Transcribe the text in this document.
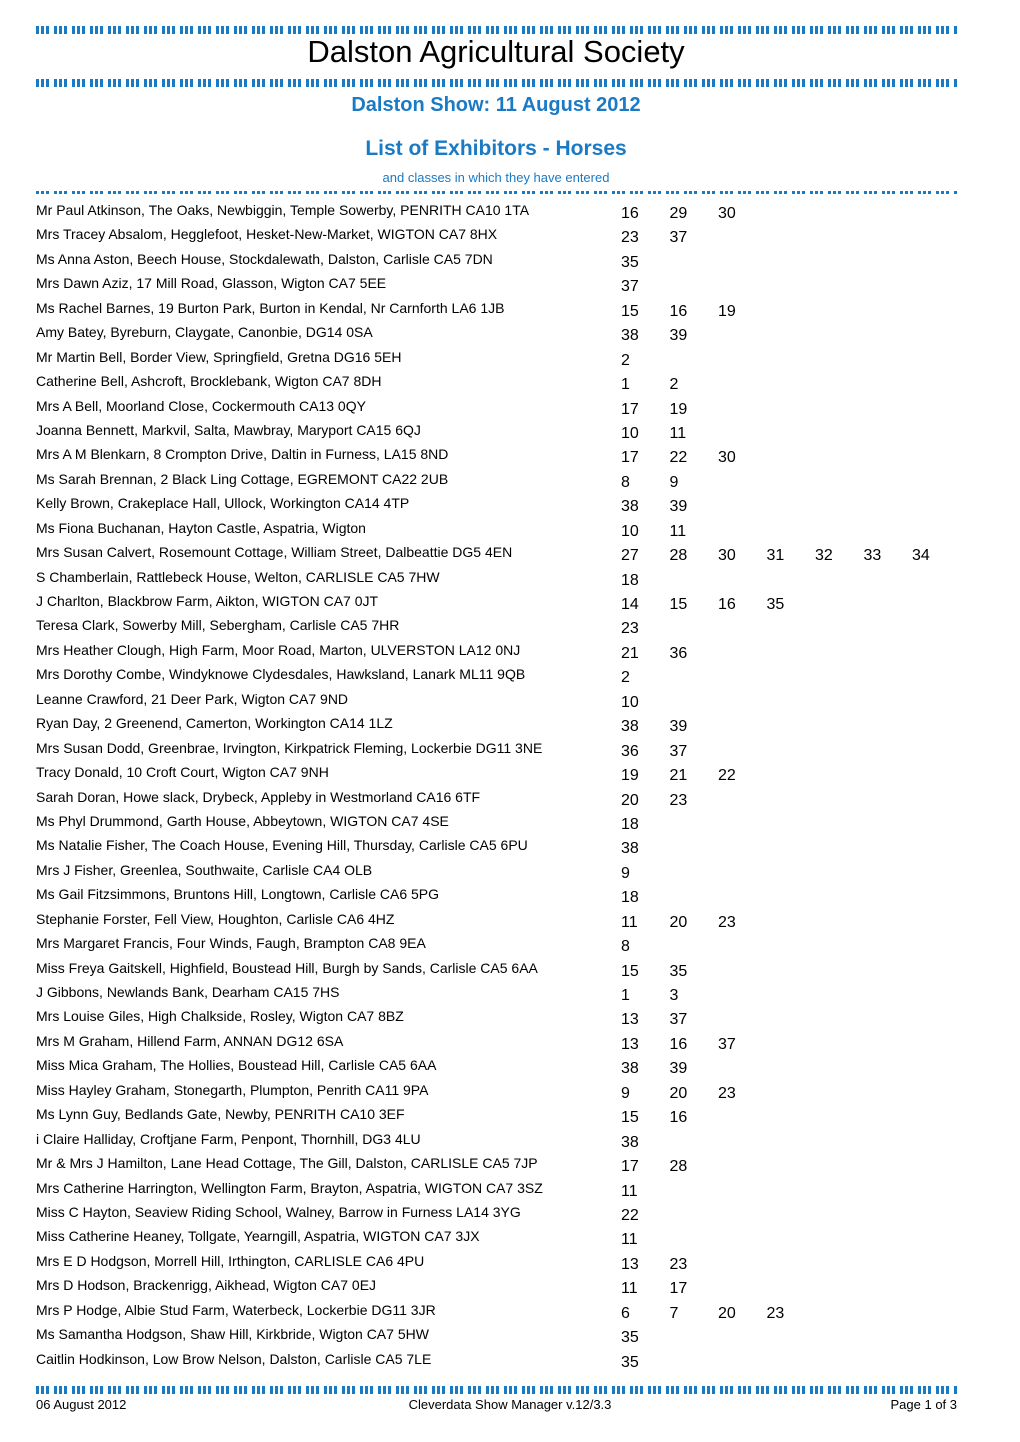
Dalston Agricultural Society
Dalston Show: 11 August 2012
List of Exhibitors - Horses
and classes in which they have entered
Mr Paul Atkinson, The Oaks, Newbiggin, Temple Sowerby, PENRITH CA10 1TA	16 29 30
Mrs Tracey Absalom, Hegglefoot, Hesket-New-Market, WIGTON CA7 8HX	23 37
Ms Anna Aston, Beech House, Stockdalewath, Dalston, Carlisle CA5 7DN	35
Mrs Dawn Aziz, 17 Mill Road, Glasson, Wigton CA7 5EE	37
Ms Rachel Barnes, 19 Burton Park, Burton in Kendal, Nr Carnforth LA6 1JB	15 16 19
Amy Batey, Byreburn, Claygate, Canonbie, DG14 0SA	38 39
Mr Martin Bell, Border View, Springfield, Gretna DG16 5EH	2
Catherine Bell, Ashcroft, Brocklebank, Wigton CA7 8DH	1 2
Mrs A Bell, Moorland Close, Cockermouth CA13 0QY	17 19
Joanna Bennett, Markvil, Salta, Mawbray, Maryport CA15 6QJ	10 11
Mrs A M Blenkarn, 8 Crompton Drive, Daltin in Furness, LA15 8ND	17 22 30
Ms Sarah Brennan, 2 Black Ling Cottage, EGREMONT CA22 2UB	8 9
Kelly Brown, Crakeplace Hall, Ullock, Workington CA14 4TP	38 39
Ms Fiona Buchanan, Hayton Castle, Aspatria, Wigton	10 11
Mrs Susan Calvert, Rosemount Cottage, William Street, Dalbeattie DG5 4EN	27 28 30 31 32 33 34
S Chamberlain, Rattlebeck House, Welton, CARLISLE CA5 7HW	18
J Charlton, Blackbrow Farm, Aikton, WIGTON CA7 0JT	14 15 16 35
Teresa Clark, Sowerby Mill, Sebergham, Carlisle CA5 7HR	23
Mrs Heather Clough, High Farm, Moor Road, Marton, ULVERSTON LA12 0NJ	21 36
Mrs Dorothy Combe, Windyknowe Clydesdales, Hawksland, Lanark ML11 9QB	2
Leanne Crawford, 21 Deer Park, Wigton CA7 9ND	10
Ryan Day, 2 Greenend, Camerton, Workington CA14 1LZ	38 39
Mrs Susan Dodd, Greenbrae, Irvington, Kirkpatrick Fleming, Lockerbie DG11 3NE	36 37
Tracy Donald, 10 Croft Court, Wigton CA7 9NH	19 21 22
Sarah Doran, Howe slack, Drybeck, Appleby in Westmorland CA16 6TF	20 23
Ms Phyl Drummond, Garth House, Abbeytown, WIGTON CA7 4SE	18
Ms Natalie Fisher, The Coach House, Evening Hill, Thursday, Carlisle CA5 6PU	38
Mrs J Fisher, Greenlea, Southwaite, Carlisle CA4 OLB	9
Ms Gail Fitzsimmons, Bruntons Hill, Longtown, Carlisle CA6 5PG	18
Stephanie Forster, Fell View, Houghton, Carlisle CA6 4HZ	11 20 23
Mrs Margaret Francis, Four Winds, Faugh, Brampton CA8 9EA	8
Miss Freya Gaitskell, Highfield, Boustead Hill, Burgh by Sands, Carlisle CA5 6AA	15 35
J Gibbons, Newlands Bank, Dearham CA15 7HS	1 3
Mrs Louise Giles, High Chalkside, Rosley, Wigton CA7 8BZ	13 37
Mrs M Graham, Hillend Farm, ANNAN DG12 6SA	13 16 37
Miss Mica Graham, The Hollies, Boustead Hill, Carlisle CA5 6AA	38 39
Miss Hayley Graham, Stonegarth, Plumpton, Penrith CA11 9PA	9 20 23
Ms Lynn Guy, Bedlands Gate, Newby, PENRITH CA10 3EF	15 16
i Claire Halliday, Croftjane Farm, Penpont, Thornhill, DG3 4LU	38
Mr & Mrs J Hamilton, Lane Head Cottage, The Gill, Dalston, CARLISLE CA5 7JP	17 28
Mrs Catherine Harrington, Wellington Farm, Brayton, Aspatria, WIGTON CA7 3SZ	11
Miss C Hayton, Seaview Riding School, Walney, Barrow in Furness LA14 3YG	22
Miss Catherine Heaney, Tollgate, Yearngill, Aspatria, WIGTON CA7 3JX	11
Mrs E D Hodgson, Morrell Hill, Irthington, CARLISLE CA6 4PU	13 23
Mrs D Hodson, Brackenrigg, Aikhead, Wigton CA7 0EJ	11 17
Mrs P Hodge, Albie Stud Farm, Waterbeck, Lockerbie DG11 3JR	6 7 20 23
Ms Samantha Hodgson, Shaw Hill, Kirkbride, Wigton CA7 5HW	35
Caitlin Hodkinson, Low Brow Nelson, Dalston, Carlisle CA5 7LE	35
06 August 2012	Cleverdata Show Manager v.12/3.3	Page 1 of 3
